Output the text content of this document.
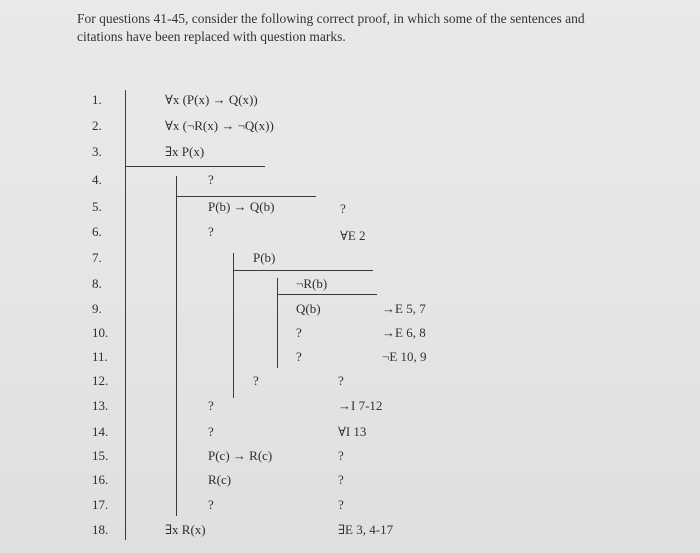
For questions 41-45, consider the following correct proof, in which some of the sentences and
citations have been replaced with question marks.
1.
2.
3.
4.
5.
6.
7.
8.
9.
10.
11.
12.
13.
14.
15.
16.
17.
18.
∀x (P(x) → Q(x))
∀x (¬R(x) → ¬Q(x))
∃x P(x)
?
P(b) → Q(b)
?
P(b)
¬R(b)
Q(b)
?
?
?
?
?
P(c) → R(c)
R(c)
?
∃x R(x)
?
∀E 2
→E 5, 7
→E 6, 8
¬E 10, 9
?
→I 7-12
∀I 13
?
?
?
∃E 3, 4-17
